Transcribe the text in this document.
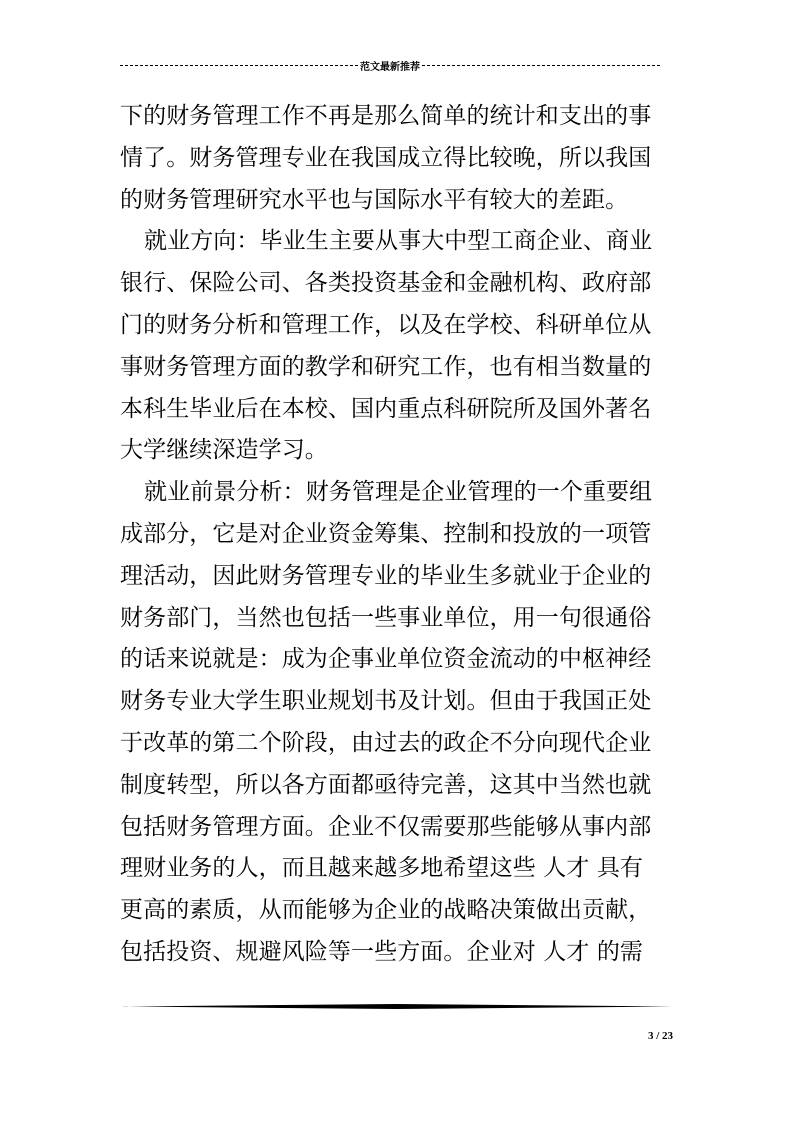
范文最新推荐
下的财务管理工作不再是那么简单的统计和支出的事
情了。财务管理专业在我国成立得比较晚，所以我国
的财务管理研究水平也与国际水平有较大的差距。
就业方向：毕业生主要从事大中型工商企业、商业
银行、保险公司、各类投资基金和金融机构、政府部
门的财务分析和管理工作，以及在学校、科研单位从
事财务管理方面的教学和研究工作，也有相当数量的
本科生毕业后在本校、国内重点科研院所及国外著名
大学继续深造学习。
就业前景分析：财务管理是企业管理的一个重要组
成部分，它是对企业资金筹集、控制和投放的一项管
理活动，因此财务管理专业的毕业生多就业于企业的
财务部门，当然也包括一些事业单位，用一句很通俗
的话来说就是：成为企事业单位资金流动的中枢神经
财务专业大学生职业规划书及计划。但由于我国正处
于改革的第二个阶段，由过去的政企不分向现代企业
制度转型，所以各方面都亟待完善，这其中当然也就
包括财务管理方面。企业不仅需要那些能够从事内部
理财业务的人，而且越来越多地希望这些 人才 具有
更高的素质，从而能够为企业的战略决策做出贡献，
包括投资、规避风险等一些方面。企业对 人才 的需
3 / 23
